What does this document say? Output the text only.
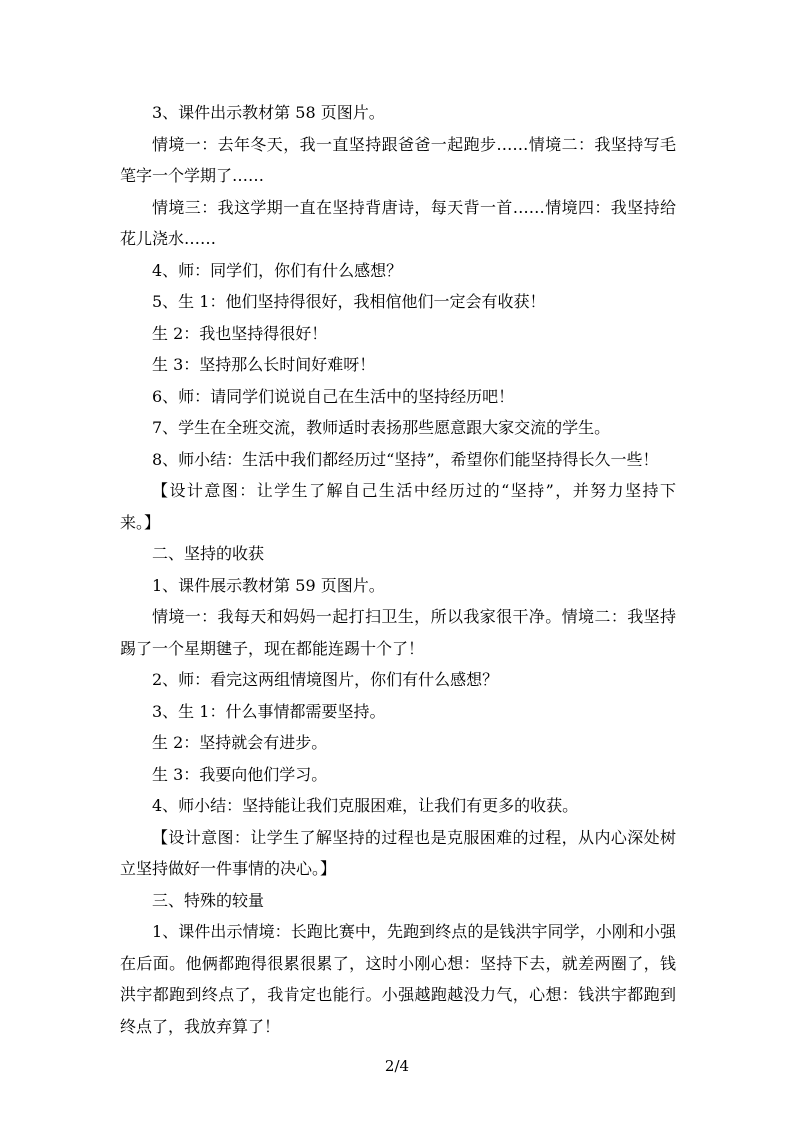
3、课件出示教材第 58 页图片。
情境一：去年冬天，我一直坚持跟爸爸一起跑步……情境二：我坚持写毛
笔字一个学期了……
情境三：我这学期一直在坚持背唐诗，每天背一首……情境四：我坚持给
花儿浇水……
4、师：同学们，你们有什么感想？
5、生 1：他们坚持得很好，我相倌他们一定会有收获！
生 2：我也坚持得很好！
生 3：坚持那么长时间好难呀！
6、师：请同学们说说自己在生活中的坚持经历吧！
7、学生在全班交流，教师适时表扬那些愿意跟大家交流的学生。
8、师小结：生活中我们都经历过“坚持”，希望你们能坚持得长久一些！
【设计意图：让学生了解自己生活中经历过的“坚持”，并努力坚持下
来。】
二、坚持的收获
1、课件展示教材第 59 页图片。
情境一：我每天和妈妈一起打扫卫生，所以我家很干净。情境二：我坚持
踢了一个星期毽子，现在都能连踢十个了！
2、师：看完这两组情境图片，你们有什么感想？
3、生 1：什么事情都需要坚持。
生 2：坚持就会有进步。
生 3：我要向他们学习。
4、师小结：坚持能让我们克服困难，让我们有更多的收获。
【设计意图：让学生了解坚持的过程也是克服困难的过程，从内心深处树
立坚持做好一件事情的决心。】
三、特殊的较量
1、课件出示情境：长跑比赛中，先跑到终点的是钱洪宇同学，小刚和小强
在后面。他俩都跑得很累很累了，这时小刚心想：坚持下去，就差两圈了，钱
洪宇都跑到终点了，我肯定也能行。小强越跑越没力气，心想：钱洪宇都跑到
终点了，我放弃算了！
2/4
